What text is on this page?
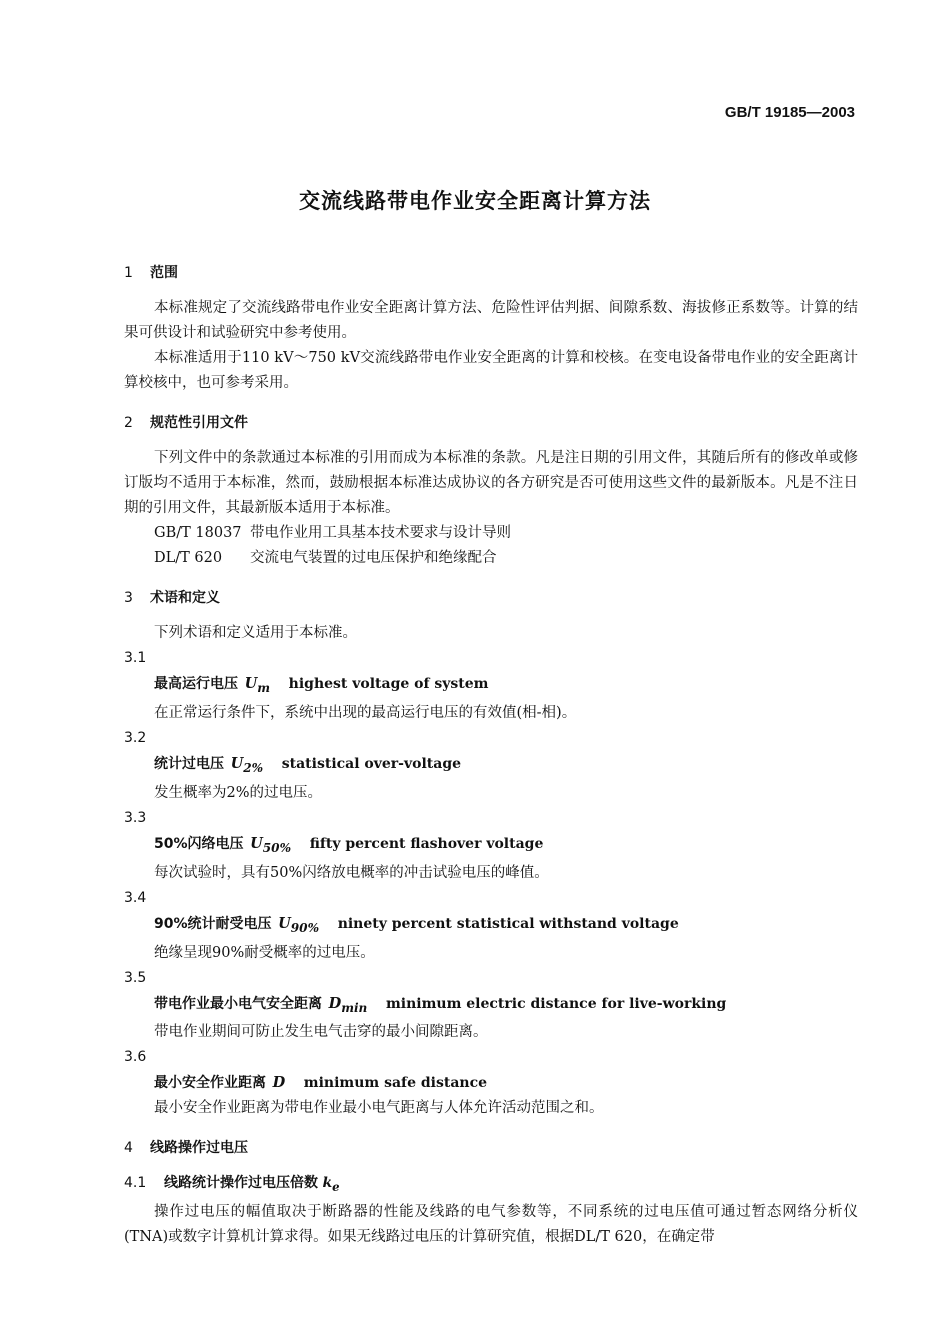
GB/T 19185—2003
交流线路带电作业安全距离计算方法
1 范围

本标准规定了交流线路带电作业安全距离计算方法、危险性评估判据、间隙系数、海拔修正系数等。计算的结果可供设计和试验研究中参考使用。

本标准适用于110 kV～750 kV交流线路带电作业安全距离的计算和校核。在变电设备带电作业的安全距离计算校核中，也可参考采用。

2 规范性引用文件

下列文件中的条款通过本标准的引用而成为本标准的条款。凡是注日期的引用文件，其随后所有的修改单或修订版均不适用于本标准，然而，鼓励根据本标准达成协议的各方研究是否可使用这些文件的最新版本。凡是不注日期的引用文件，其最新版本适用于本标准。

GB/T 18037 带电作业用工具基本技术要求与设计导则

DL/T 620 交流电气装置的过电压保护和绝缘配合

3 术语和定义

下列术语和定义适用于本标准。

3.1

最高运行电压 $U_m$ highest voltage of system

在正常运行条件下，系统中出现的最高运行电压的有效值(相-相)。

3.2

统计过电压 $U_{2\%}$ statistical over-voltage

发生概率为2%的过电压。

3.3

50%闪络电压 $U_{50\%}$ fifty percent flashover voltage

每次试验时，具有50%闪络放电概率的冲击试验电压的峰值。

3.4

90%统计耐受电压 $U_{90\%}$ ninety percent statistical withstand voltage

绝缘呈现90%耐受概率的过电压。

3.5

带电作业最小电气安全距离 $D_{min}$ minimum electric distance for live-working

带电作业期间可防止发生电气击穿的最小间隙距离。

3.6

最小安全作业距离 D minimum safe distance

最小安全作业距离为带电作业最小电气距离与人体允许活动范围之和。

4 线路操作过电压

4.1 线路统计操作过电压倍数 $k_e$

操作过电压的幅值取决于断路器的性能及线路的电气参数等，不同系统的过电压值可通过暂态网络分析仪(TNA)或数字计算机计算求得。如果无线路过电压的计算研究值，根据DL/T 620，在确定带
